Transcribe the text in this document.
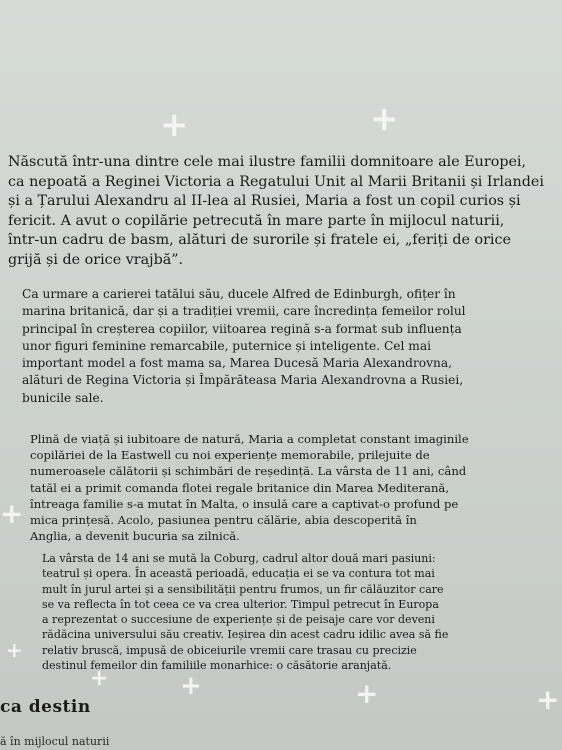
+	+
+
+
+	+	+	+
Născută într-una dintre cele mai ilustre familii domnitoare ale Europei,
ca nepoată a Reginei Victoria a Regatului Unit al Marii Britanii și Irlandei
și a Țarului Alexandru al II-lea al Rusiei, Maria a fost un copil curios și
fericit. A avut o copilărie petrecută în mare parte în mijlocul naturii,
într-un cadru de basm, alături de surorile și fratele ei, „feriți de orice
grijă și de orice vrajbă”.
Ca urmare a carierei tatălui său, ducele Alfred de Edinburgh, ofițer în
marina britanică, dar și a tradiției vremii, care încredința femeilor rolul
principal în creșterea copiilor, viitoarea regină s-a format sub influența
unor figuri feminine remarcabile, puternice și inteligente. Cel mai
important model a fost mama sa, Marea Ducesă Maria Alexandrovna,
alături de Regina Victoria și Împărăteasa Maria Alexandrovna a Rusiei,
bunicile sale.
Plină de viață și iubitoare de natură, Maria a completat constant imaginile
copilăriei de la Eastwell cu noi experiențe memorabile, prilejuite de
numeroasele călătorii și schimbări de reședință. La vârsta de 11 ani, când
tatăl ei a primit comanda flotei regale britanice din Marea Mediterană,
întreaga familie s-a mutat în Malta, o insulă care a captivat-o profund pe
mica prințesă. Acolo, pasiunea pentru călărie, abia descoperită în
Anglia, a devenit bucuria sa zilnică.
La vârsta de 14 ani se mută la Coburg, cadrul altor două mari pasiuni:
teatrul și opera. În această perioadă, educația ei se va contura tot mai
mult în jurul artei și a sensibilității pentru frumos, un fir călăuzitor care
se va reflecta în tot ceea ce va crea ulterior. Timpul petrecut în Europa
a reprezentat o succesiune de experiențe și de peisaje care vor deveni
rădăcina universului său creativ. Ieșirea din acest cadru idilic avea să fie
relativ bruscă, impusă de obiceiurile vremii care trasau cu precizie
destinul femeilor din familiile monarhice: o căsătorie aranjată.
ca destin
ă în mijlocul naturii
